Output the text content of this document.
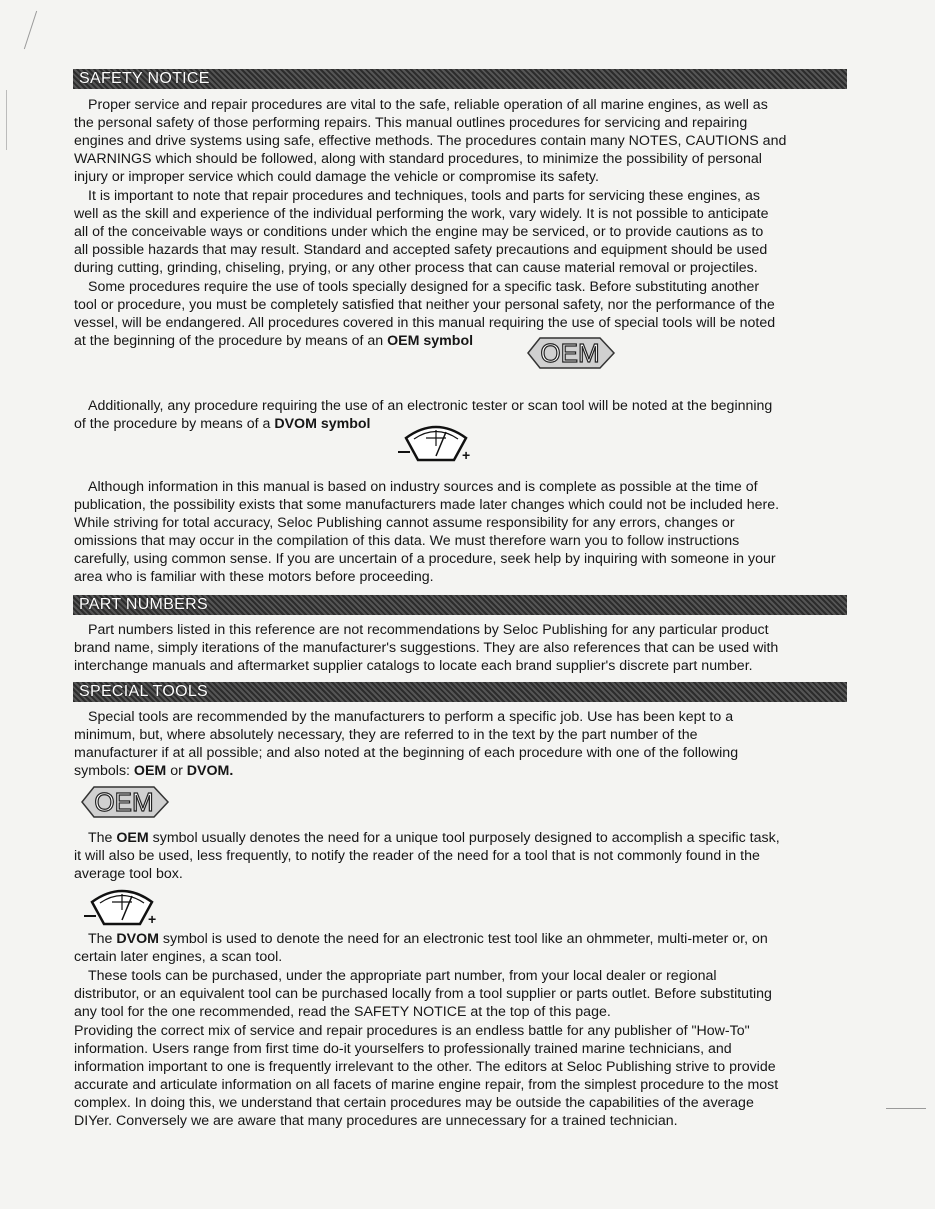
SAFETY NOTICE
Proper service and repair procedures are vital to the safe, reliable operation of all marine engines, as well as
the personal safety of those performing repairs. This manual outlines procedures for servicing and repairing
engines and drive systems using safe, effective methods. The procedures contain many NOTES, CAUTIONS and
WARNINGS which should be followed, along with standard procedures, to minimize the possibility of personal
injury or improper service which could damage the vehicle or compromise its safety.
It is important to note that repair procedures and techniques, tools and parts for servicing these engines, as
well as the skill and experience of the individual performing the work, vary widely. It is not possible to anticipate
all of the conceivable ways or conditions under which the engine may be serviced, or to provide cautions as to
all possible hazards that may result. Standard and accepted safety precautions and equipment should be used
during cutting, grinding, chiseling, prying, or any other process that can cause material removal or projectiles.
Some procedures require the use of tools specially designed for a specific task. Before substituting another
tool or procedure, you must be completely satisfied that neither your personal safety, nor the performance of the
vessel, will be endangered. All procedures covered in this manual requiring the use of special tools will be noted
at the beginning of the procedure by means of an OEM symbol	OEM
Additionally, any procedure requiring the use of an electronic tester or scan tool will be noted at the beginning
of the procedure by means of a DVOM symbol
+
Although information in this manual is based on industry sources and is complete as possible at the time of
publication, the possibility exists that some manufacturers made later changes which could not be included here.
While striving for total accuracy, Seloc Publishing cannot assume responsibility for any errors, changes or
omissions that may occur in the compilation of this data. We must therefore warn you to follow instructions
carefully, using common sense. If you are uncertain of a procedure, seek help by inquiring with someone in your
area who is familiar with these motors before proceeding.
PART NUMBERS
Part numbers listed in this reference are not recommendations by Seloc Publishing for any particular product
brand name, simply iterations of the manufacturer's suggestions. They are also references that can be used with
interchange manuals and aftermarket supplier catalogs to locate each brand supplier's discrete part number.
SPECIAL TOOLS
Special tools are recommended by the manufacturers to perform a specific job. Use has been kept to a
minimum, but, where absolutely necessary, they are referred to in the text by the part number of the
manufacturer if at all possible; and also noted at the beginning of each procedure with one of the following
symbols: OEM or DVOM.
OEM
The OEM symbol usually denotes the need for a unique tool purposely designed to accomplish a specific task,
it will also be used, less frequently, to notify the reader of the need for a tool that is not commonly found in the
average tool box.
+
The DVOM symbol is used to denote the need for an electronic test tool like an ohmmeter, multi-meter or, on
certain later engines, a scan tool.
These tools can be purchased, under the appropriate part number, from your local dealer or regional
distributor, or an equivalent tool can be purchased locally from a tool supplier or parts outlet. Before substituting
any tool for the one recommended, read the SAFETY NOTICE at the top of this page.
Providing the correct mix of service and repair procedures is an endless battle for any publisher of "How-To"
information. Users range from first time do-it yourselfers to professionally trained marine technicians, and
information important to one is frequently irrelevant to the other. The editors at Seloc Publishing strive to provide
accurate and articulate information on all facets of marine engine repair, from the simplest procedure to the most
complex. In doing this, we understand that certain procedures may be outside the capabilities of the average
DIYer. Conversely we are aware that many procedures are unnecessary for a trained technician.
